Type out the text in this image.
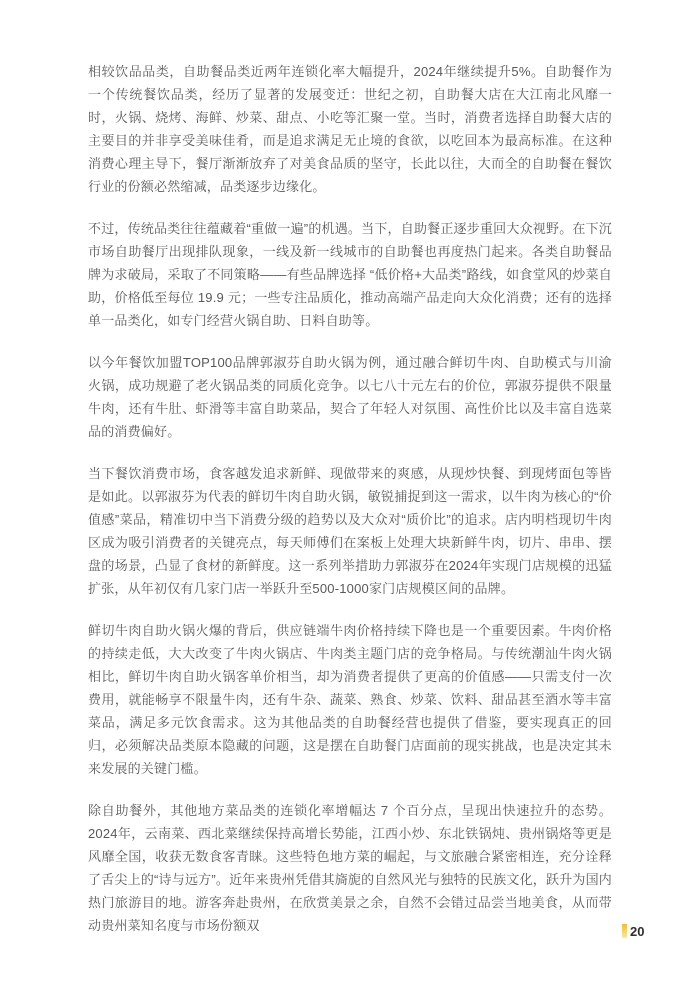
相较饮品品类，自助餐品类近两年连锁化率大幅提升，2024年继续提升5%。自助餐作为一个传统餐饮品类，经历了显著的发展变迁：世纪之初，自助餐大店在大江南北风靡一时，火锅、烧烤、海鲜、炒菜、甜点、小吃等汇聚一堂。当时，消费者选择自助餐大店的主要目的并非享受美味佳肴，而是追求满足无止境的食欲，以吃回本为最高标准。在这种消费心理主导下，餐厅渐渐放弃了对美食品质的坚守，长此以往，大而全的自助餐在餐饮行业的份额必然缩减，品类逐步边缘化。

不过，传统品类往往蕴藏着“重做一遍”的机遇。当下，自助餐正逐步重回大众视野。在下沉市场自助餐厅出现排队现象，一线及新一线城市的自助餐也再度热门起来。各类自助餐品牌为求破局，采取了不同策略——有些品牌选择 “低价格+大品类”路线，如食堂风的炒菜自助，价格低至每位 19.9 元；一些专注品质化，推动高端产品走向大众化消费；还有的选择单一品类化，如专门经营火锅自助、日料自助等。

以今年餐饮加盟TOP100品牌郭淑芬自助火锅为例，通过融合鲜切牛肉、自助模式与川渝火锅，成功规避了老火锅品类的同质化竞争。以七八十元左右的价位，郭淑芬提供不限量牛肉，还有牛肚、虾滑等丰富自助菜品，契合了年轻人对氛围、高性价比以及丰富自选菜品的消费偏好。

当下餐饮消费市场，食客越发追求新鲜、现做带来的爽感，从现炒快餐、到现烤面包等皆是如此。以郭淑芬为代表的鲜切牛肉自助火锅，敏锐捕捉到这一需求，以牛肉为核心的“价值感”菜品，精准切中当下消费分级的趋势以及大众对“质价比”的追求。店内明档现切牛肉区成为吸引消费者的关键亮点，每天师傅们在案板上处理大块新鲜牛肉，切片、串串、摆盘的场景，凸显了食材的新鲜度。这一系列举措助力郭淑芬在2024年实现门店规模的迅猛扩张，从年初仅有几家门店一举跃升至500-1000家门店规模区间的品牌。

鲜切牛肉自助火锅火爆的背后，供应链端牛肉价格持续下降也是一个重要因素。牛肉价格的持续走低，大大改变了牛肉火锅店、牛肉类主题门店的竞争格局。与传统潮汕牛肉火锅相比，鲜切牛肉自助火锅客单价相当，却为消费者提供了更高的价值感——只需支付一次费用，就能畅享不限量牛肉，还有牛杂、蔬菜、熟食、炒菜、饮料、甜品甚至酒水等丰富菜品，满足多元饮食需求。这为其他品类的自助餐经营也提供了借鉴，要实现真正的回归，必须解决品类原本隐藏的问题，这是摆在自助餐门店面前的现实挑战，也是决定其未来发展的关键门槛。

除自助餐外，其他地方菜品类的连锁化率增幅达 7 个百分点，呈现出快速拉升的态势。2024年，云南菜、西北菜继续保持高增长势能，江西小炒、东北铁锅炖、贵州锅烙等更是风靡全国，收获无数食客青睐。这些特色地方菜的崛起，与文旅融合紧密相连，充分诠释了舌尖上的“诗与远方”。近年来贵州凭借其旖旎的自然风光与独特的民族文化，跃升为国内热门旅游目的地。游客奔赴贵州，在欣赏美景之余，自然不会错过品尝当地美食，从而带动贵州菜知名度与市场份额双	20
